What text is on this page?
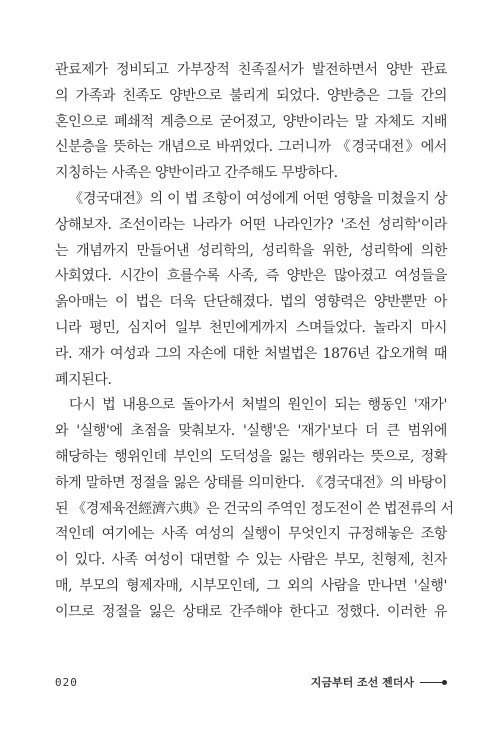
관료제가 정비되고 가부장적 친족질서가 발전하면서 양반 관료
의 가족과 친족도 양반으로 불리게 되었다. 양반층은 그들 간의
혼인으로 폐쇄적 계층으로 굳어졌고, 양반이라는 말 자체도 지배
신분층을 뜻하는 개념으로 바뀌었다. 그러니까 《경국대전》에서
지칭하는 사족은 양반이라고 간주해도 무방하다.
《경국대전》의 이 법 조항이 여성에게 어떤 영향을 미쳤을지 상
상해보자. 조선이라는 나라가 어떤 나라인가? '조선 성리학'이라
는 개념까지 만들어낸 성리학의, 성리학을 위한, 성리학에 의한
사회였다. 시간이 흐를수록 사족, 즉 양반은 많아졌고 여성들을
옭아매는 이 법은 더욱 단단해졌다. 법의 영향력은 양반뿐만 아
니라 평민, 심지어 일부 천민에게까지 스며들었다. 놀라지 마시
라. 재가 여성과 그의 자손에 대한 처벌법은 1876년 갑오개혁 때
폐지된다.
다시 법 내용으로 돌아가서 처벌의 원인이 되는 행동인 '재가'
와 '실행'에 초점을 맞춰보자. '실행'은 '재가'보다 더 큰 범위에
해당하는 행위인데 부인의 도덕성을 잃는 행위라는 뜻으로, 정확
하게 말하면 정절을 잃은 상태를 의미한다. 《경국대전》의 바탕이
된 《경제육전經濟六典》은 건국의 주역인 정도전이 쓴 법전류의 서
적인데 여기에는 사족 여성의 실행이 무엇인지 규정해놓은 조항
이 있다. 사족 여성이 대면할 수 있는 사람은 부모, 친형제, 친자
매, 부모의 형제자매, 시부모인데, 그 외의 사람을 만나면 '실행'
이므로 정절을 잃은 상태로 간주해야 한다고 정했다. 이러한 유
020	지금부터 조선 젠더사
